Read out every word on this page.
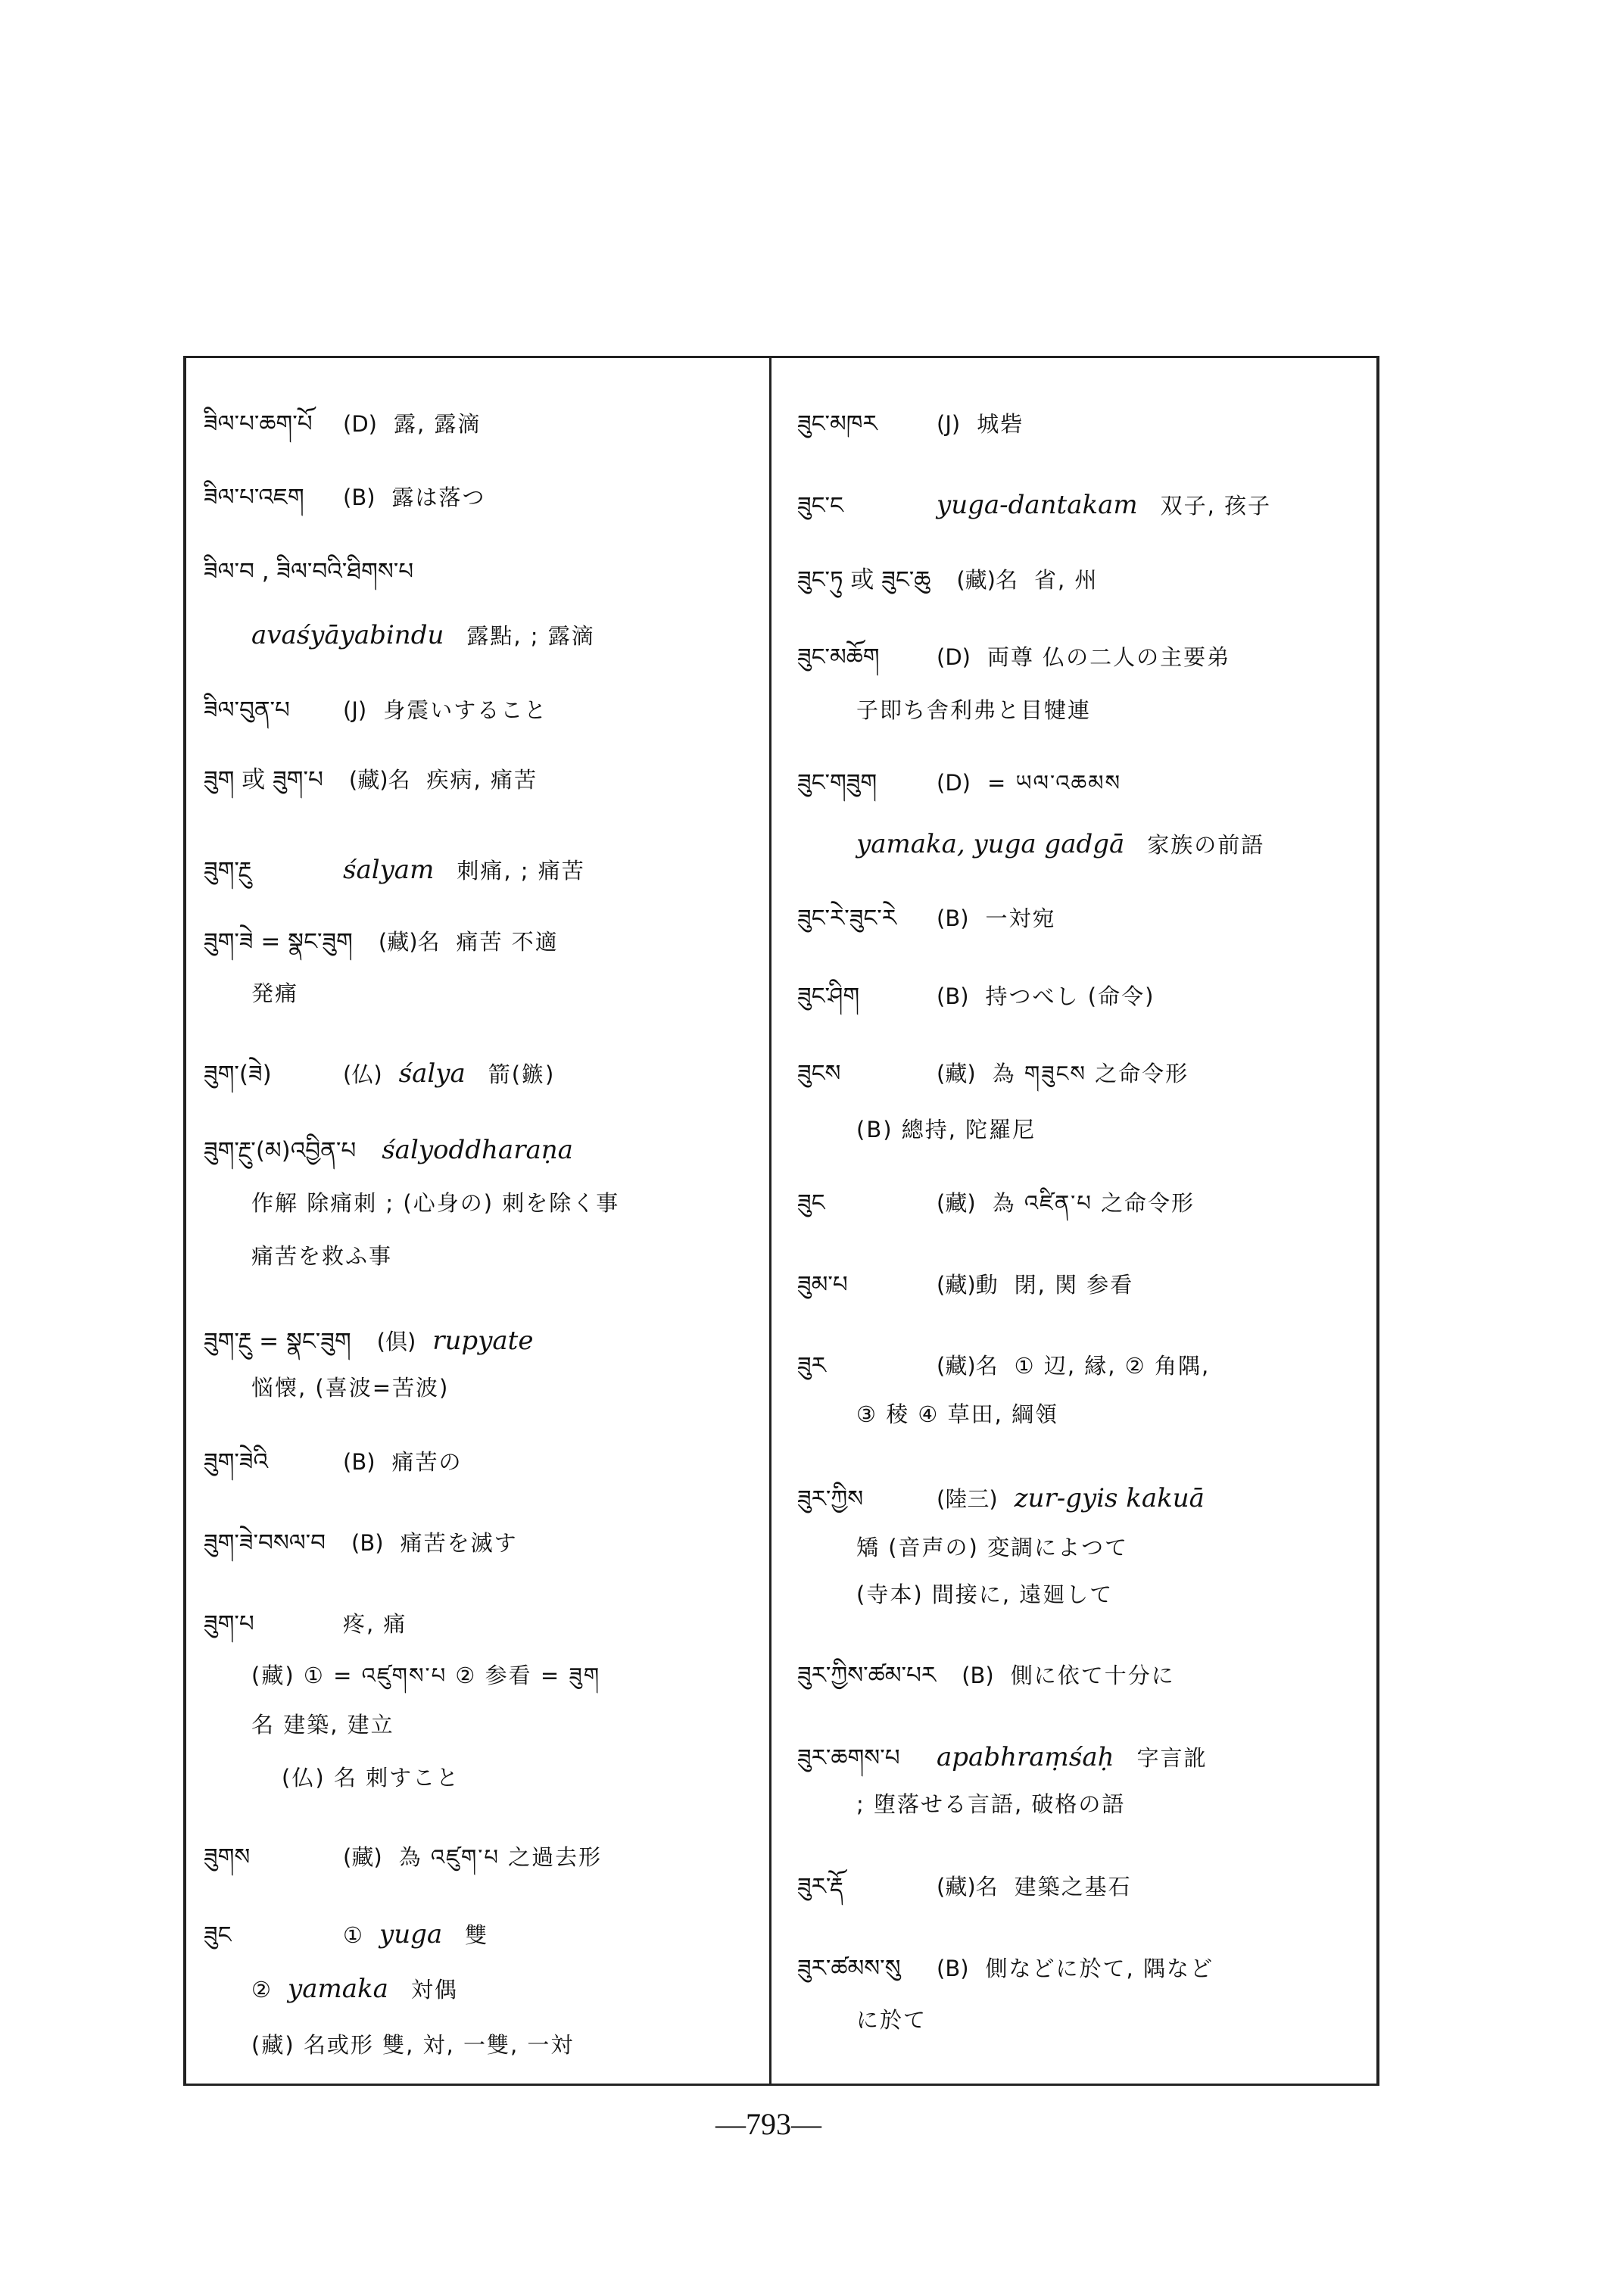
ཟིལ་པ་ཆག་པོ (D) 露, 露滴
ཟིལ་པ་འཇག (B) 露は落つ
ཟིལ་བ , ཟིལ་བའི་ཐིགས་པ
avaśyāyabindu 露點, ; 露滴
ཟིལ་བུན་པ (J) 身震いすること
ཟུག 或 ཟུག་པ (藏)名 疾病, 痛苦
ཟུག་རྔུ	śalyam 刺痛, ; 痛苦
ཟུག་ཟེ = སྣང་ཟུག (藏)名 痛苦 不適
発痛
ཟུག་(ཟེ)	(仏) śalya 箭(鏃)
ཟུག་རྔུ་(མ)འབྱིན་པ śalyoddharaṇa
作解 除痛刺 ; (心身の) 刺を除く事
痛苦を救ふ事
ཟུག་རྔུ = སྣང་ཟུག (倶) rupyate
悩懐, (喜波=苦波)
ཟུག་ཟེའི	(B) 痛苦の
ཟུག་ཟེ་བསལ་བ (B) 痛苦を滅す
ཟུག་པ	疼, 痛
(藏) ① = འཛུགས་པ ② 参看 = ཟུག
名 建築, 建立
(仏) 名 刺すこと
ཟུགས	(藏) 為 འཛུག་པ 之過去形
ཟུང	① yuga 雙
② yamaka 対偶
(藏) 名或形 雙, 対, 一雙, 一対
ཟུང་མཁར	(J) 城砦
ཟུང་ང	yuga-dantakam 双子, 孩子
ཟུང་ཏུ 或 ཟུང་ཆུ (藏)名 省, 州
ཟུང་མཆོག	(D) 両尊 仏の二人の主要弟
子即ち舎利弗と目犍連
ཟུང་གཟུག	(D) = ཡལ་འཆམས
yamaka, yuga gadgā 家族の前語
ཟུང་རེ་ཟུང་རེ (B) 一対宛
ཟུང་ཤིག	(B) 持つべし (命令)
ཟུངས	(藏) 為 གཟུངས 之命令形
(B) 總持, 陀羅尼
ཟུང	(藏) 為 འཛིན་པ 之命令形
ཟུམ་པ	(藏)動 閉, 関 参看
ཟུར	(藏)名 ① 辺, 縁, ② 角隅,
③ 稜 ④ 草田, 綱領
ཟུར་ཀྱིས	(陸三) zur-gyis kakuā
矯 (音声の) 変調によつて
(寺本) 間接に, 遠廻して
ཟུར་ཀྱིས་ཚམ་པར (B) 側に依て十分に
ཟུར་ཆགས་པ apabhraṃśaḥ 字言訛
; 堕落せる言語, 破格の語
ཟུར་རྡོ	(藏)名 建築之基石
ཟུར་ཚམས་སུ (B) 側などに於て, 隅など
に於て
—793—
